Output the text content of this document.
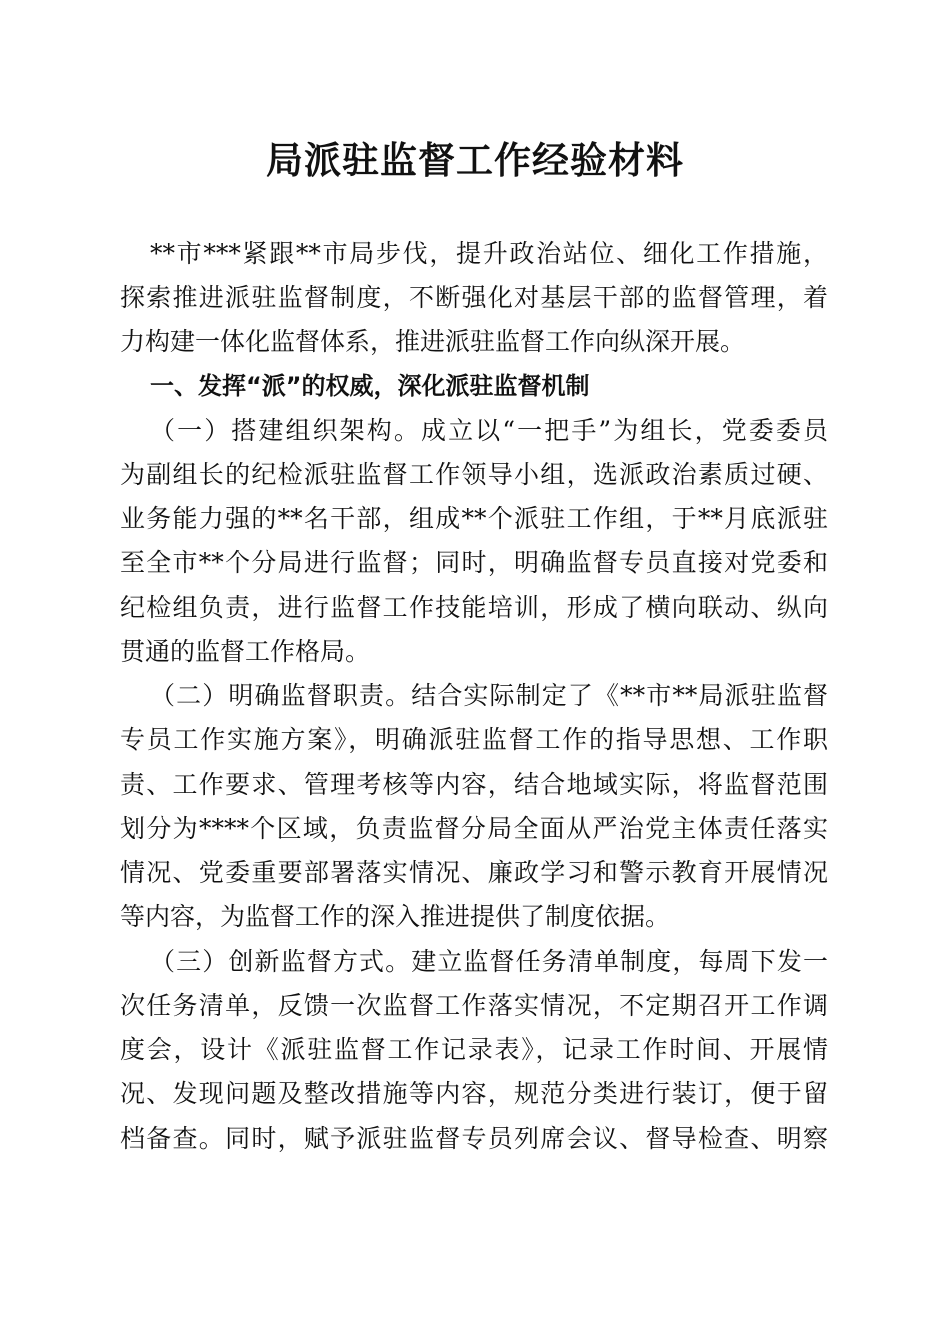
局派驻监督工作经验材料
**市***紧跟**市局步伐，提升政治站位、细化工作措施，
探索推进派驻监督制度，不断强化对基层干部的监督管理，着
力构建一体化监督体系，推进派驻监督工作向纵深开展。
一、发挥“派”的权威，深化派驻监督机制
（一）搭建组织架构。成立以“一把手”为组长，党委委员
为副组长的纪检派驻监督工作领导小组，选派政治素质过硬、
业务能力强的**名干部，组成**个派驻工作组，于**月底派驻
至全市**个分局进行监督；同时，明确监督专员直接对党委和
纪检组负责，进行监督工作技能培训，形成了横向联动、纵向
贯通的监督工作格局。
（二）明确监督职责。结合实际制定了《**市**局派驻监督
专员工作实施方案》，明确派驻监督工作的指导思想、工作职
责、工作要求、管理考核等内容，结合地域实际，将监督范围
划分为****个区域，负责监督分局全面从严治党主体责任落实
情况、党委重要部署落实情况、廉政学习和警示教育开展情况
等内容，为监督工作的深入推进提供了制度依据。
（三）创新监督方式。建立监督任务清单制度，每周下发一
次任务清单，反馈一次监督工作落实情况，不定期召开工作调
度会，设计《派驻监督工作记录表》，记录工作时间、开展情
况、发现问题及整改措施等内容，规范分类进行装订，便于留
档备查。同时，赋予派驻监督专员列席会议、督导检查、明察
